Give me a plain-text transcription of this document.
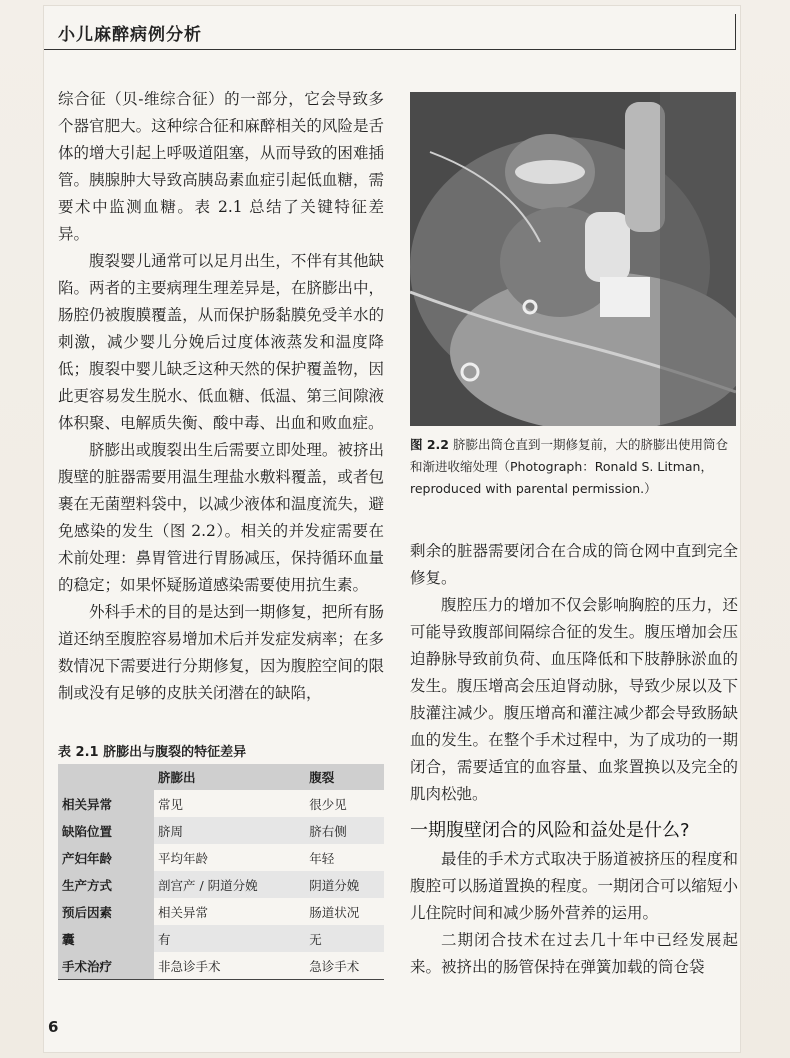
小儿麻醉病例分析

综合征（贝-维综合征）的一部分，它会导致多个器官肥大。这种综合征和麻醉相关的风险是舌体的增大引起上呼吸道阻塞，从而导致的困难插管。胰腺肿大导致高胰岛素血症引起低血糖，需要术中监测血糖。表 2.1 总结了关键特征差异。

腹裂婴儿通常可以足月出生，不伴有其他缺陷。两者的主要病理生理差异是，在脐膨出中，肠腔仍被腹膜覆盖，从而保护肠黏膜免受羊水的刺激，减少婴儿分娩后过度体液蒸发和温度降低；腹裂中婴儿缺乏这种天然的保护覆盖物，因此更容易发生脱水、低血糖、低温、第三间隙液体积聚、电解质失衡、酸中毒、出血和败血症。

脐膨出或腹裂出生后需要立即处理。被挤出腹壁的脏器需要用温生理盐水敷料覆盖，或者包裹在无菌塑料袋中，以减少液体和温度流失，避免感染的发生（图 2.2）。相关的并发症需要在术前处理：鼻胃管进行胃肠减压，保持循环血量的稳定；如果怀疑肠道感染需要使用抗生素。

外科手术的目的是达到一期修复，把所有肠道还纳至腹腔容易增加术后并发症发病率；在多数情况下需要进行分期修复，因为腹腔空间的限制或没有足够的皮肤关闭潜在的缺陷，

图 2.2 脐膨出筒仓直到一期修复前，大的脐膨出使用筒仓和渐进收缩处理（Photograph：Ronald S. Litman，reproduced with parental permission.）

剩余的脏器需要闭合在合成的筒仓网中直到完全修复。

腹腔压力的增加不仅会影响胸腔的压力，还可能导致腹部间隔综合征的发生。腹压增加会压迫静脉导致前负荷、血压降低和下肢静脉淤血的发生。腹压增高会压迫肾动脉，导致少尿以及下肢灌注减少。腹压增高和灌注减少都会导致肠缺血的发生。在整个手术过程中，为了成功的一期闭合，需要适宜的血容量、血浆置换以及完全的肌肉松弛。

一期腹壁闭合的风险和益处是什么?

最佳的手术方式取决于肠道被挤压的程度和腹腔可以肠道置换的程度。一期闭合可以缩短小儿住院时间和减少肠外营养的运用。

二期闭合技术在过去几十年中已经发展起来。被挤出的肠管保持在弹簧加载的筒仓袋

表 2.1 脐膨出与腹裂的特征差异
	脐膨出	腹裂
相关异常	常见	很少见
缺陷位置	脐周	脐右侧
产妇年龄	平均年龄	年轻
生产方式	剖宫产 / 阴道分娩	阴道分娩
预后因素	相关异常	肠道状况
囊	有	无
手术治疗	非急诊手术	急诊手术
6
